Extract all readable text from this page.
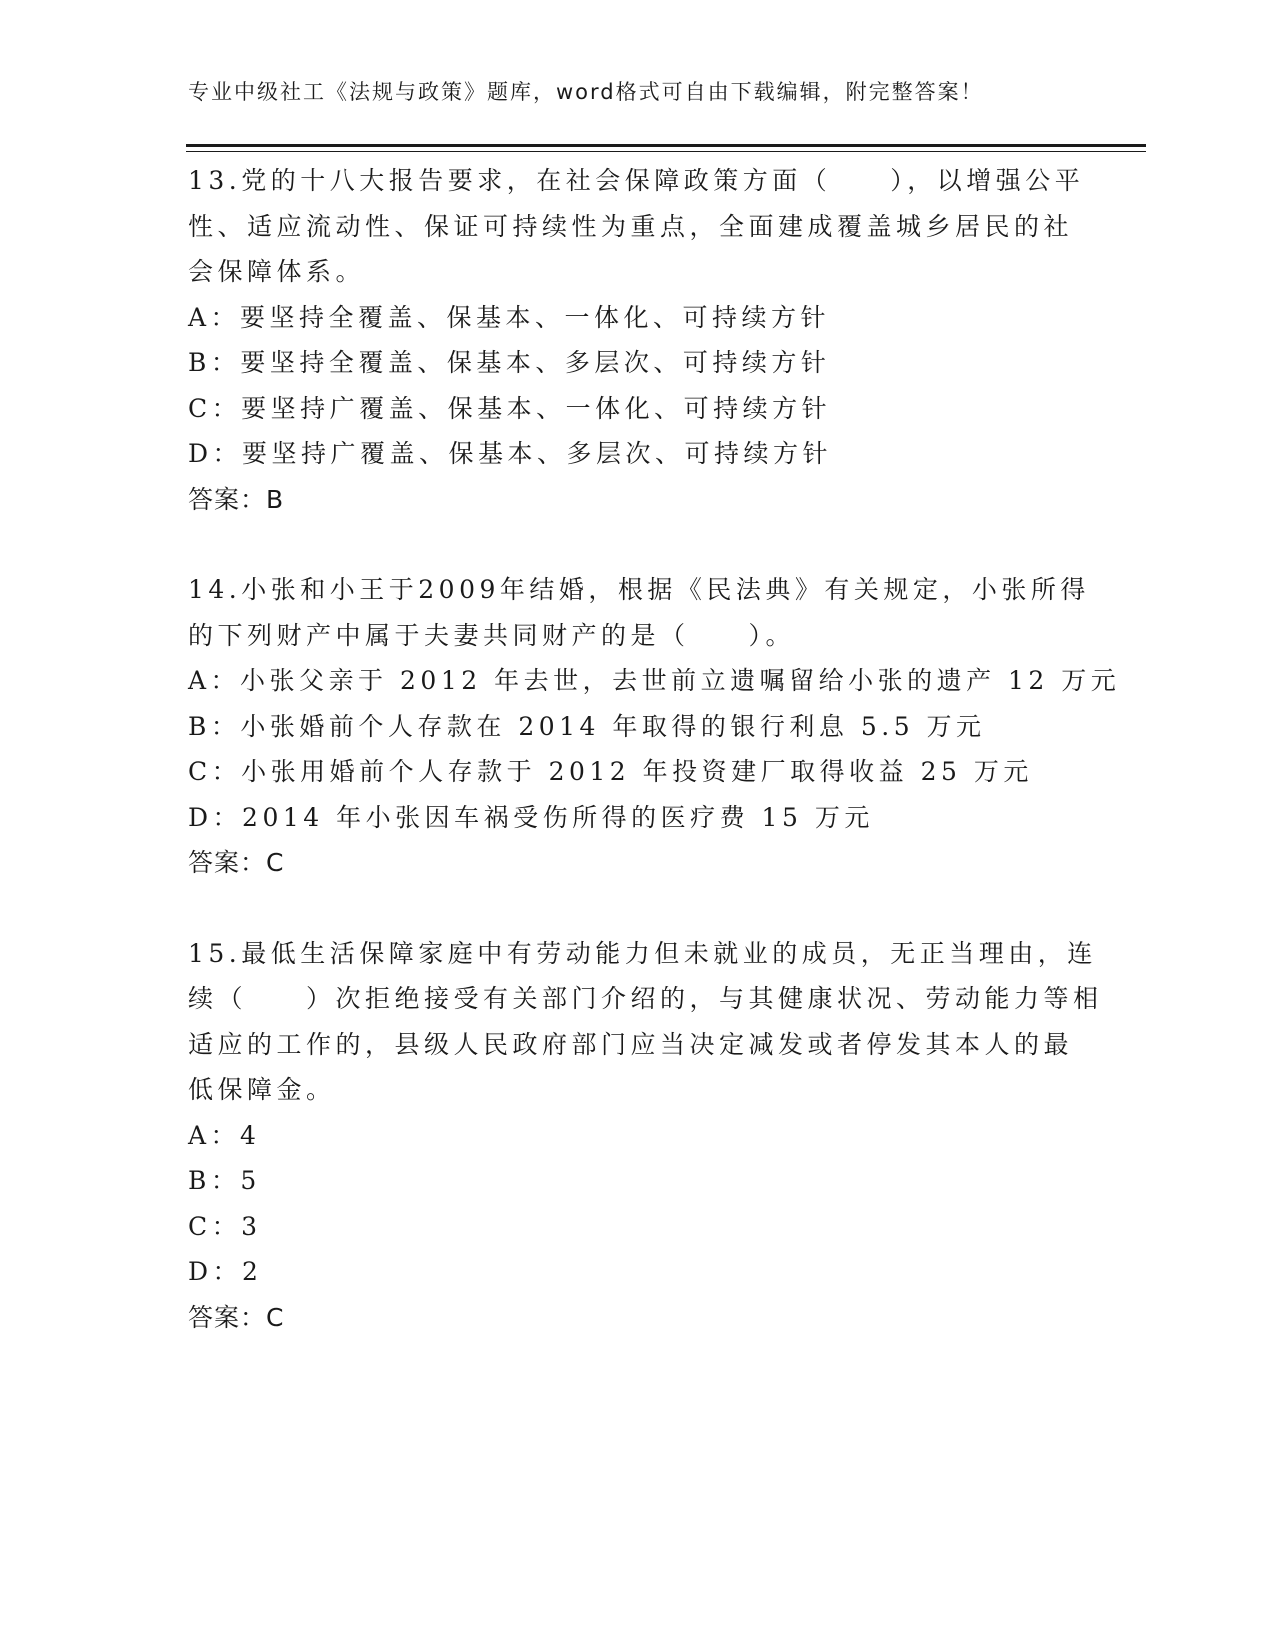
专业中级社工《法规与政策》题库，word格式可自由下载编辑，附完整答案！
13.党的十八大报告要求，在社会保障政策方面（　　），以增强公平
性、适应流动性、保证可持续性为重点，全面建成覆盖城乡居民的社
会保障体系。
A：要坚持全覆盖、保基本、一体化、可持续方针
B：要坚持全覆盖、保基本、多层次、可持续方针
C：要坚持广覆盖、保基本、一体化、可持续方针
D：要坚持广覆盖、保基本、多层次、可持续方针
答案：B
14.小张和小王于2009年结婚，根据《民法典》有关规定，小张所得
的下列财产中属于夫妻共同财产的是（　　）。
A：小张父亲于 2012 年去世，去世前立遗嘱留给小张的遗产 12 万元
B：小张婚前个人存款在 2014 年取得的银行利息 5.5 万元
C：小张用婚前个人存款于 2012 年投资建厂取得收益 25 万元
D：2014 年小张因车祸受伤所得的医疗费 15 万元
答案：C
15.最低生活保障家庭中有劳动能力但未就业的成员，无正当理由，连
续（　　）次拒绝接受有关部门介绍的，与其健康状况、劳动能力等相
适应的工作的，县级人民政府部门应当决定减发或者停发其本人的最
低保障金。
A：4
B：5
C：3
D：2
答案：C
